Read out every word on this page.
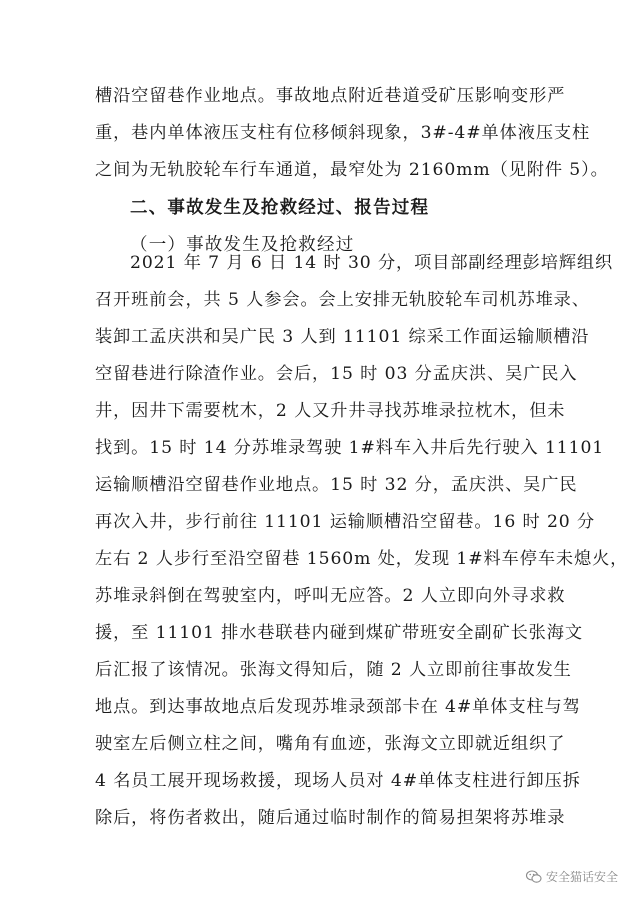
槽沿空留巷作业地点。事故地点附近巷道受矿压影响变形严
重，巷内单体液压支柱有位移倾斜现象，3#-4#单体液压支柱
之间为无轨胶轮车行车通道，最窄处为 2160mm（见附件 5）。
二、事故发生及抢救经过、报告过程
（一）事故发生及抢救经过
2021 年 7 月 6 日 14 时 30 分，项目部副经理彭培辉组织
召开班前会，共 5 人参会。会上安排无轨胶轮车司机苏堆录、
装卸工孟庆洪和吴广民 3 人到 11101 综采工作面运输顺槽沿
空留巷进行除渣作业。会后，15 时 03 分孟庆洪、吴广民入
井，因井下需要枕木，2 人又升井寻找苏堆录拉枕木，但未
找到。15 时 14 分苏堆录驾驶 1#料车入井后先行驶入 11101
运输顺槽沿空留巷作业地点。15 时 32 分，孟庆洪、吴广民
再次入井，步行前往 11101 运输顺槽沿空留巷。16 时 20 分
左右 2 人步行至沿空留巷 1560m 处，发现 1#料车停车未熄火，
苏堆录斜倒在驾驶室内，呼叫无应答。2 人立即向外寻求救
援，至 11101 排水巷联巷内碰到煤矿带班安全副矿长张海文
后汇报了该情况。张海文得知后，随 2 人立即前往事故发生
地点。到达事故地点后发现苏堆录颈部卡在 4#单体支柱与驾
驶室左后侧立柱之间，嘴角有血迹，张海文立即就近组织了
4 名员工展开现场救援，现场人员对 4#单体支柱进行卸压拆
除后，将伤者救出，随后通过临时制作的简易担架将苏堆录
安全猫话安全
